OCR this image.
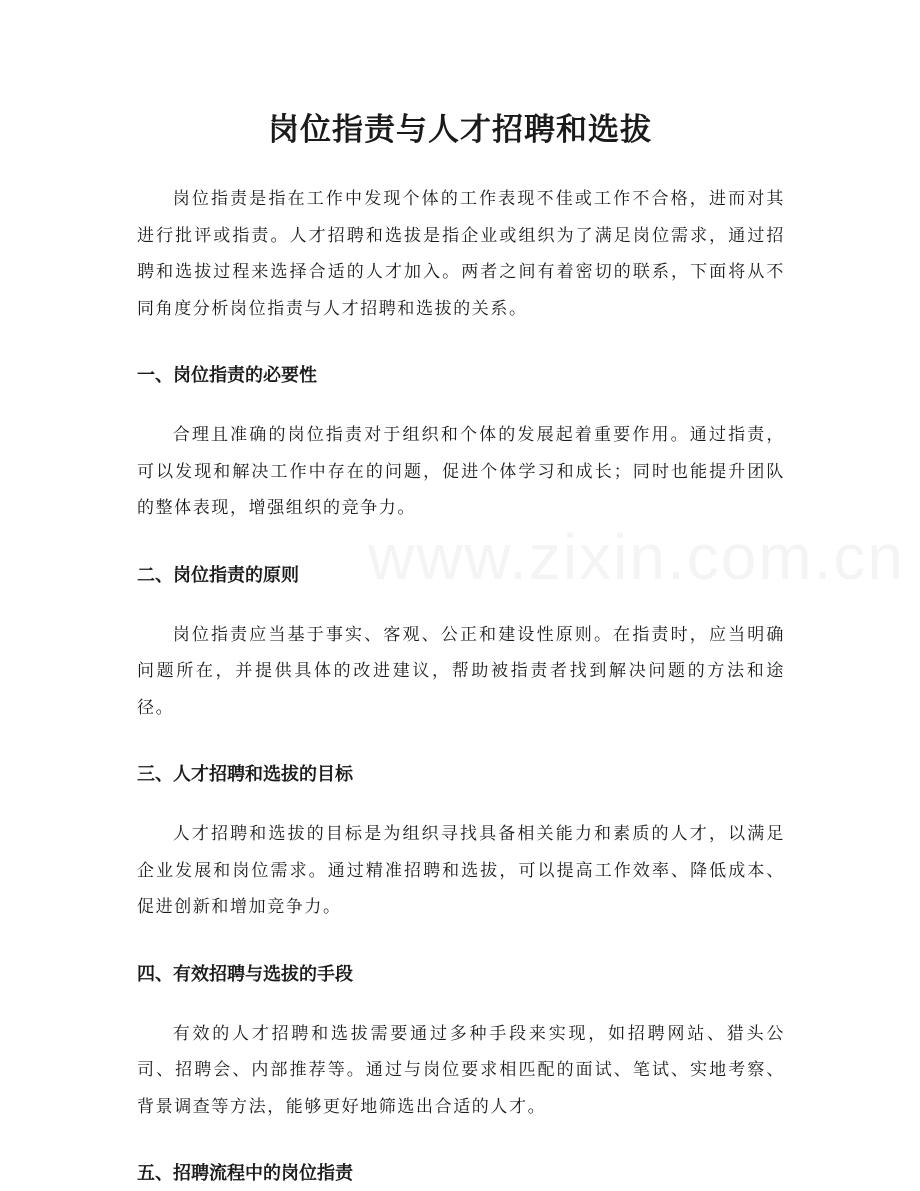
岗位指责与人才招聘和选拔

岗位指责是指在工作中发现个体的工作表现不佳或工作不合格，进而对其进行批评或指责。人才招聘和选拔是指企业或组织为了满足岗位需求，通过招聘和选拔过程来选择合适的人才加入。两者之间有着密切的联系，下面将从不同角度分析岗位指责与人才招聘和选拔的关系。

一、岗位指责的必要性

合理且准确的岗位指责对于组织和个体的发展起着重要作用。通过指责，可以发现和解决工作中存在的问题，促进个体学习和成长；同时也能提升团队的整体表现，增强组织的竞争力。

二、岗位指责的原则

岗位指责应当基于事实、客观、公正和建设性原则。在指责时，应当明确问题所在，并提供具体的改进建议，帮助被指责者找到解决问题的方法和途径。

三、人才招聘和选拔的目标

人才招聘和选拔的目标是为组织寻找具备相关能力和素质的人才，以满足企业发展和岗位需求。通过精准招聘和选拔，可以提高工作效率、降低成本、促进创新和增加竞争力。

四、有效招聘与选拔的手段

有效的人才招聘和选拔需要通过多种手段来实现，如招聘网站、猎头公司、招聘会、内部推荐等。通过与岗位要求相匹配的面试、笔试、实地考察、背景调查等方法，能够更好地筛选出合适的人才。

五、招聘流程中的岗位指责
